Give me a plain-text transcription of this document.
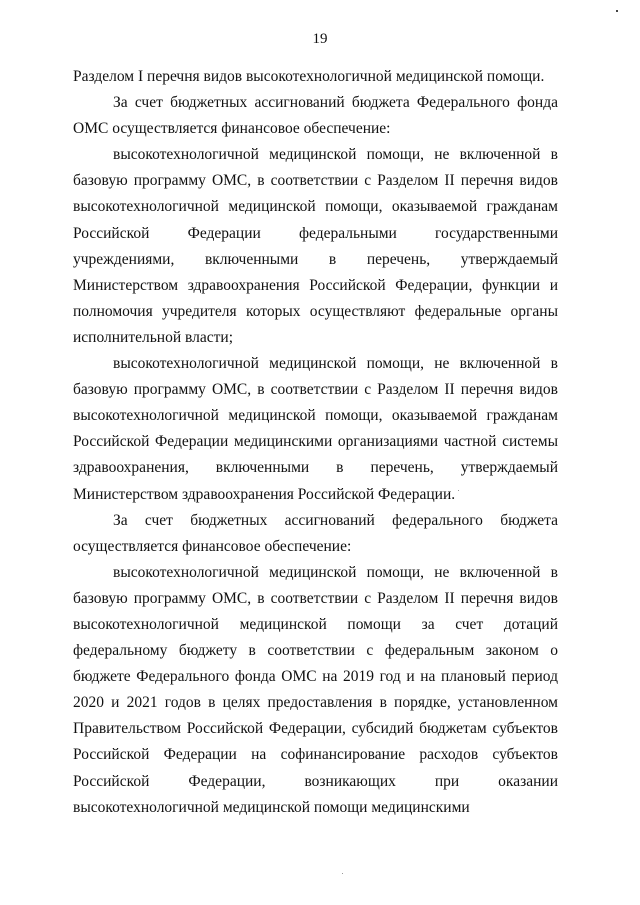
19

Разделом I перечня видов высокотехнологичной медицинской помощи.

За счет бюджетных ассигнований бюджета Федерального фонда ОМС осуществляется финансовое обеспечение:

высокотехнологичной медицинской помощи, не включенной в базовую программу ОМС, в соответствии с Разделом II перечня видов высокотехнологичной медицинской помощи, оказываемой гражданам Российской Федерации федеральными государственными учреждениями, включенными в перечень, утверждаемый Министерством здравоохранения Российской Федерации, функции и полномочия учредителя которых осуществляют федеральные органы исполнительной власти;

высокотехнологичной медицинской помощи, не включенной в базовую программу ОМС, в соответствии с Разделом II перечня видов высокотехнологичной медицинской помощи, оказываемой гражданам Российской Федерации медицинскими организациями частной системы здравоохранения, включенными в перечень, утверждаемый Министерством здравоохранения Российской Федерации.

За счет бюджетных ассигнований федерального бюджета осуществляется финансовое обеспечение:

высокотехнологичной медицинской помощи, не включенной в базовую программу ОМС, в соответствии с Разделом II перечня видов высокотехнологичной медицинской помощи за счет дотаций федеральному бюджету в соответствии с федеральным законом о бюджете Федерального фонда ОМС на 2019 год и на плановый период 2020 и 2021 годов в целях предоставления в порядке, установленном Правительством Российской Федерации, субсидий бюджетам субъектов Российской Федерации на софинансирование расходов субъектов Российской Федерации, возникающих при оказании высокотехнологичной медицинской помощи медицинскими
